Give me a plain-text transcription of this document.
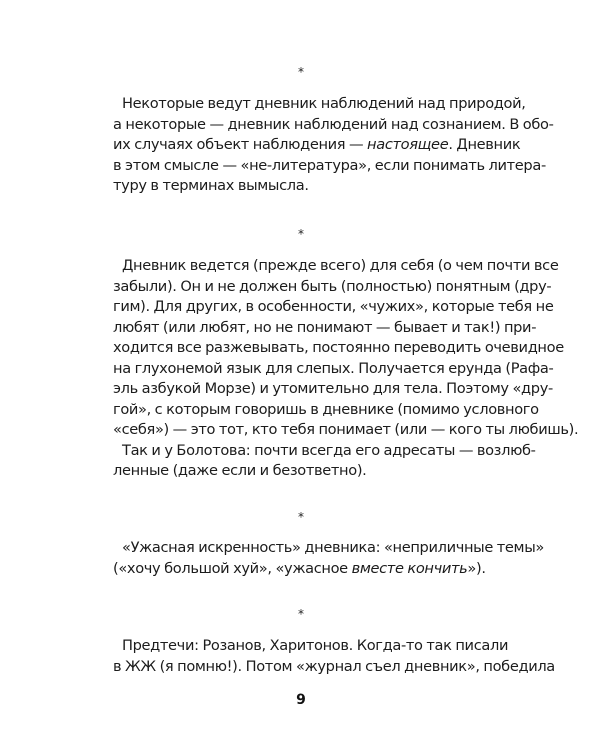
*

Некоторые ведут дневник наблюдений над природой,
а некоторые — дневник наблюдений над сознанием. В обо-
их случаях объект наблюдения — настоящее. Дневник
в этом смысле — «не-литература», если понимать литера-
туру в терминах вымысла.

*

Дневник ведется (прежде всего) для себя (о чем почти все
забыли). Он и не должен быть (полностью) понятным (дру-
гим). Для других, в особенности, «чужих», которые тебя не
любят (или любят, но не понимают — бывает и так!) при-
ходится все разжевывать, постоянно переводить очевидное
на глухонемой язык для слепых. Получается ерунда (Рафа-
эль азбукой Морзе) и утомительно для тела. Поэтому «дру-
гой», с которым говоришь в дневнике (помимо условного
«себя») — это тот, кто тебя понимает (или — кого ты любишь).
Так и у Болотова: почти всегда его адресаты — возлюб-
ленные (даже если и безответно).

*

«Ужасная искренность» дневника: «неприличные темы»
(«хочу большой хуй», «ужасное вместе кончить»).

*

Предтечи: Розанов, Харитонов. Когда-то так писали
в ЖЖ (я помню!). Потом «журнал съел дневник», победила

9
